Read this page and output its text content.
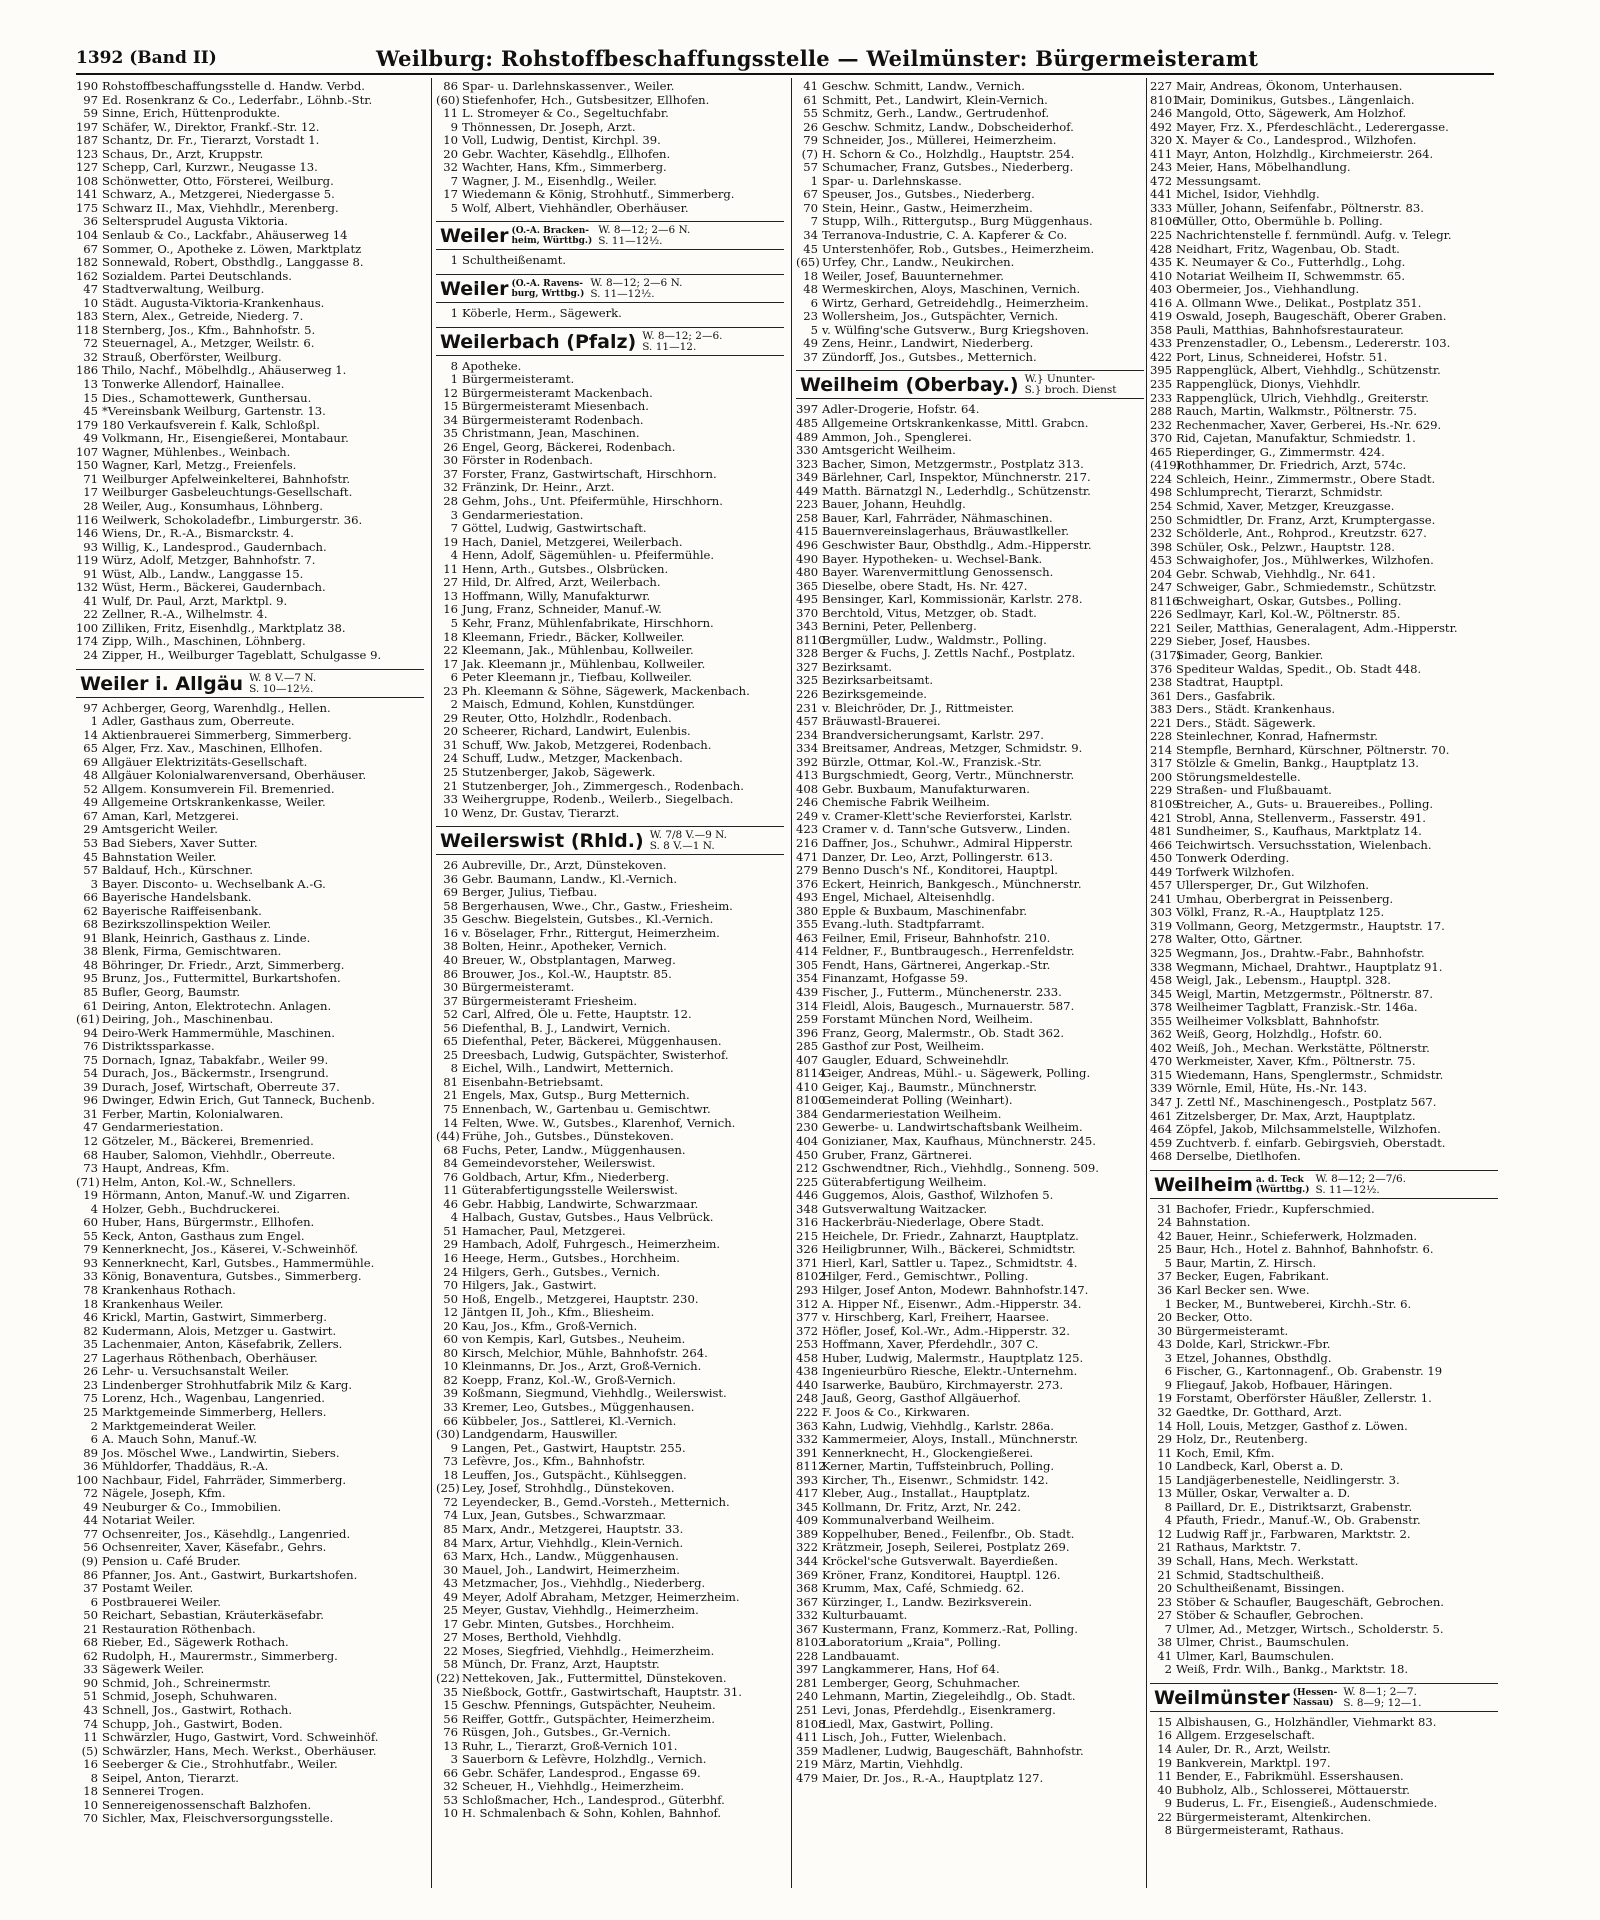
1392 (Band II)	Weilburg: Rohstoffbeschaffungsstelle — Weilmünster: Bürgermeisteramt
190 Rohstoffbeschaffungsstelle d. Handw. Verbd.
97 Ed. Rosenkranz & Co., Lederfabr., Löhnb.-Str.
59 Sinne, Erich, Hüttenprodukte.
197 Schäfer, W., Direktor, Frankf.-Str. 12.
187 Schantz, Dr. Fr., Tierarzt, Vorstadt 1.
123 Schaus, Dr., Arzt, Kruppstr.
127 Schepp, Carl, Kurzwr., Neugasse 13.
108 Schönwetter, Otto, Försterei, Weilburg.
141 Schwarz, A., Metzgerei, Niedergasse 5.
175 Schwarz II., Max, Viehhdlr., Merenberg.
36 Seltersprudel Augusta Viktoria.
104 Senlaub & Co., Lackfabr., Ahäuserweg 14
67 Sommer, O., Apotheke z. Löwen, Marktplatz
182 Sonnewald, Robert, Obsthdlg., Langgasse 8.
162 Sozialdem. Partei Deutschlands.
47 Stadtverwaltung, Weilburg.
10 Städt. Augusta-Viktoria-Krankenhaus.
183 Stern, Alex., Getreide, Niederg. 7.
118 Sternberg, Jos., Kfm., Bahnhofstr. 5.
72 Steuernagel, A., Metzger, Weilstr. 6.
32 Strauß, Oberförster, Weilburg.
186 Thilo, Nachf., Möbelhdlg., Ahäuserweg 1.
13 Tonwerke Allendorf, Hainallee.
15 Dies., Schamottewerk, Gunthersau.
45 *Vereinsbank Weilburg, Gartenstr. 13.
179 180 Verkaufsverein f. Kalk, Schloßpl.
49 Volkmann, Hr., Eisengießerei, Montabaur.
107 Wagner, Mühlenbes., Weinbach.
150 Wagner, Karl, Metzg., Freienfels.
71 Weilburger Apfelweinkelterei, Bahnhofstr.
17 Weilburger Gasbeleuchtungs-Gesellschaft.
28 Weiler, Aug., Konsumhaus, Löhnberg.
116 Weilwerk, Schokoladefbr., Limburgerstr. 36.
146 Wiens, Dr., R.-A., Bismarckstr. 4.
93 Willig, K., Landesprod., Gaudernbach.
119 Würz, Adolf, Metzger, Bahnhofstr. 7.
91 Wüst, Alb., Landw., Langgasse 15.
132 Wüst, Herm., Bäckerei, Gaudernbach.
41 Wulf, Dr. Paul, Arzt, Marktpl. 9.
22 Zellner, R.-A., Wilhelmstr. 4.
100 Zilliken, Fritz, Eisenhdlg., Marktplatz 38.
174 Zipp, Wilh., Maschinen, Löhnberg.
24 Zipper, H., Weilburger Tageblatt, Schulgasse 9.
Weiler i. Allgäu W. 8 V.—7 N.
S. 10—12½.
97 Achberger, Georg, Warenhdlg., Hellen.
1 Adler, Gasthaus zum, Oberreute.
14 Aktienbrauerei Simmerberg, Simmerberg.
65 Alger, Frz. Xav., Maschinen, Ellhofen.
69 Allgäuer Elektrizitäts-Gesellschaft.
48 Allgäuer Kolonialwarenversand, Oberhäuser.
52 Allgem. Konsumverein Fil. Bremenried.
49 Allgemeine Ortskrankenkasse, Weiler.
67 Aman, Karl, Metzgerei.
29 Amtsgericht Weiler.
53 Bad Siebers, Xaver Sutter.
45 Bahnstation Weiler.
57 Baldauf, Hch., Kürschner.
3 Bayer. Disconto- u. Wechselbank A.-G.
66 Bayerische Handelsbank.
62 Bayerische Raiffeisenbank.
68 Bezirkszollinspektion Weiler.
91 Blank, Heinrich, Gasthaus z. Linde.
38 Blenk, Firma, Gemischtwaren.
48 Böhringer, Dr. Friedr., Arzt, Simmerberg.
95 Brunz, Jos., Futtermittel, Burkartshofen.
85 Bufler, Georg, Baumstr.
61 Deiring, Anton, Elektrotechn. Anlagen.
(61) Deiring, Joh., Maschinenbau.
94 Deiro-Werk Hammermühle, Maschinen.
76 Distriktssparkasse.
75 Dornach, Ignaz, Tabakfabr., Weiler 99.
54 Durach, Jos., Bäckermstr., Irsengrund.
39 Durach, Josef, Wirtschaft, Oberreute 37.
96 Dwinger, Edwin Erich, Gut Tanneck, Buchenb.
31 Ferber, Martin, Kolonialwaren.
47 Gendarmeriestation.
12 Götzeler, M., Bäckerei, Bremenried.
68 Hauber, Salomon, Viehhdlr., Oberreute.
73 Haupt, Andreas, Kfm.
(71) Helm, Anton, Kol.-W., Schnellers.
19 Hörmann, Anton, Manuf.-W. und Zigarren.
4 Holzer, Gebh., Buchdruckerei.
60 Huber, Hans, Bürgermstr., Ellhofen.
55 Keck, Anton, Gasthaus zum Engel.
79 Kennerknecht, Jos., Käserei, V.-Schweinhöf.
93 Kennerknecht, Karl, Gutsbes., Hammermühle.
33 König, Bonaventura, Gutsbes., Simmerberg.
78 Krankenhaus Rothach.
18 Krankenhaus Weiler.
46 Krickl, Martin, Gastwirt, Simmerberg.
82 Kudermann, Alois, Metzger u. Gastwirt.
35 Lachenmaier, Anton, Käsefabrik, Zellers.
27 Lagerhaus Röthenbach, Oberhäuser.
26 Lehr- u. Versuchsanstalt Weiler.
23 Lindenberger Strohhutfabrik Milz & Karg.
75 Lorenz, Hch., Wagenbau, Langenried.
25 Marktgemeinde Simmerberg, Hellers.
2 Marktgemeinderat Weiler.
6 A. Mauch Sohn, Manuf.-W.
89 Jos. Möschel Wwe., Landwirtin, Siebers.
36 Mühldorfer, Thaddäus, R.-A.
100 Nachbaur, Fidel, Fahrräder, Simmerberg.
72 Nägele, Joseph, Kfm.
49 Neuburger & Co., Immobilien.
44 Notariat Weiler.
77 Ochsenreiter, Jos., Käsehdlg., Langenried.
56 Ochsenreiter, Xaver, Käsefabr., Gehrs.
(9) Pension u. Café Bruder.
86 Pfanner, Jos. Ant., Gastwirt, Burkartshofen.
37 Postamt Weiler.
6 Postbrauerei Weiler.
50 Reichart, Sebastian, Kräuterkäsefabr.
21 Restauration Röthenbach.
68 Rieber, Ed., Sägewerk Rothach.
62 Rudolph, H., Maurermstr., Simmerberg.
33 Sägewerk Weiler.
90 Schmid, Joh., Schreinermstr.
51 Schmid, Joseph, Schuhwaren.
43 Schnell, Jos., Gastwirt, Rothach.
74 Schupp, Joh., Gastwirt, Boden.
11 Schwärzler, Hugo, Gastwirt, Vord. Schweinhöf.
(5) Schwärzler, Hans, Mech. Werkst., Oberhäuser.
16 Seeberger & Cie., Strohhutfabr., Weiler.
8 Seipel, Anton, Tierarzt.
18 Sennerei Trogen.
10 Sennereigenossenschaft Balzhofen.
70 Sichler, Max, Fleischversorgungsstelle.
86 Spar- u. Darlehnskassenver., Weiler.
(60) Stiefenhofer, Hch., Gutsbesitzer, Ellhofen.
11 L. Stromeyer & Co., Segeltuchfabr.
9 Thönnessen, Dr. Joseph, Arzt.
10 Voll, Ludwig, Dentist, Kirchpl. 39.
20 Gebr. Wachter, Käsehdlg., Ellhofen.
32 Wachter, Hans, Kfm., Simmerberg.
7 Wagner, J. M., Eisenhdlg., Weiler.
17 Wiedemann & König, Strohhutf., Simmerberg.
5 Wolf, Albert, Viehhändler, Oberhäuser.
Weiler (O.-A. Bracken-
heim, Württbg.)W. 8—12; 2—6 N.
S. 11—12½.
1 Schultheißenamt.
Weiler (O.-A. Ravens-
burg, Wrttbg.)W. 8—12; 2—6 N.
S. 11—12½.
1 Köberle, Herm., Sägewerk.
Weilerbach (Pfalz) W. 8—12; 2—6.
S. 11—12.
8 Apotheke.
1 Bürgermeisteramt.
12 Bürgermeisteramt Mackenbach.
15 Bürgermeisteramt Miesenbach.
34 Bürgermeisteramt Rodenbach.
35 Christmann, Jean, Maschinen.
26 Engel, Georg, Bäckerei, Rodenbach.
30 Förster in Rodenbach.
37 Forster, Franz, Gastwirtschaft, Hirschhorn.
32 Fränzink, Dr. Heinr., Arzt.
28 Gehm, Johs., Unt. Pfeifermühle, Hirschhorn.
3 Gendarmeriestation.
7 Göttel, Ludwig, Gastwirtschaft.
19 Hach, Daniel, Metzgerei, Weilerbach.
4 Henn, Adolf, Sägemühlen- u. Pfeifermühle.
11 Henn, Arth., Gutsbes., Olsbrücken.
27 Hild, Dr. Alfred, Arzt, Weilerbach.
13 Hoffmann, Willy, Manufakturwr.
16 Jung, Franz, Schneider, Manuf.-W.
5 Kehr, Franz, Mühlenfabrikate, Hirschhorn.
18 Kleemann, Friedr., Bäcker, Kollweiler.
22 Kleemann, Jak., Mühlenbau, Kollweiler.
17 Jak. Kleemann jr., Mühlenbau, Kollweiler.
6 Peter Kleemann jr., Tiefbau, Kollweiler.
23 Ph. Kleemann & Söhne, Sägewerk, Mackenbach.
2 Maisch, Edmund, Kohlen, Kunstdünger.
29 Reuter, Otto, Holzhdlr., Rodenbach.
20 Scheerer, Richard, Landwirt, Eulenbis.
31 Schuff, Ww. Jakob, Metzgerei, Rodenbach.
24 Schuff, Ludw., Metzger, Mackenbach.
25 Stutzenberger, Jakob, Sägewerk.
21 Stutzenberger, Joh., Zimmergesch., Rodenbach.
33 Weihergruppe, Rodenb., Weilerb., Siegelbach.
10 Wenz, Dr. Gustav, Tierarzt.
Weilerswist (Rhld.) W. 7/8 V.—9 N.
S. 8 V.—1 N.
26 Aubreville, Dr., Arzt, Dünstekoven.
36 Gebr. Baumann, Landw., Kl.-Vernich.
69 Berger, Julius, Tiefbau.
58 Bergerhausen, Wwe., Chr., Gastw., Friesheim.
35 Geschw. Biegelstein, Gutsbes., Kl.-Vernich.
16 v. Böselager, Frhr., Rittergut, Heimerzheim.
38 Bolten, Heinr., Apotheker, Vernich.
40 Breuer, W., Obstplantagen, Marweg.
86 Brouwer, Jos., Kol.-W., Hauptstr. 85.
30 Bürgermeisteramt.
37 Bürgermeisteramt Friesheim.
52 Carl, Alfred, Öle u. Fette, Hauptstr. 12.
56 Diefenthal, B. J., Landwirt, Vernich.
65 Diefenthal, Peter, Bäckerei, Müggenhausen.
25 Dreesbach, Ludwig, Gutspächter, Swisterhof.
8 Eichel, Wilh., Landwirt, Metternich.
81 Eisenbahn-Betriebsamt.
21 Engels, Max, Gutsp., Burg Metternich.
75 Ennenbach, W., Gartenbau u. Gemischtwr.
14 Felten, Wwe. W., Gutsbes., Klarenhof, Vernich.
(44) Frühe, Joh., Gutsbes., Dünstekoven.
68 Fuchs, Peter, Landw., Müggenhausen.
84 Gemeindevorsteher, Weilerswist.
76 Goldbach, Artur, Kfm., Niederberg.
11 Güterabfertigungsstelle Weilerswist.
46 Gebr. Habbig, Landwirte, Schwarzmaar.
4 Halbach, Gustav, Gutsbes., Haus Velbrück.
51 Hamacher, Paul, Metzgerei.
29 Hambach, Adolf, Fuhrgesch., Heimerzheim.
16 Heege, Herm., Gutsbes., Horchheim.
24 Hilgers, Gerh., Gutsbes., Vernich.
70 Hilgers, Jak., Gastwirt.
50 Hoß, Engelb., Metzgerei, Hauptstr. 230.
12 Jäntgen II, Joh., Kfm., Bliesheim.
20 Kau, Jos., Kfm., Groß-Vernich.
60 von Kempis, Karl, Gutsbes., Neuheim.
80 Kirsch, Melchior, Mühle, Bahnhofstr. 264.
10 Kleinmanns, Dr. Jos., Arzt, Groß-Vernich.
82 Koepp, Franz, Kol.-W., Groß-Vernich.
39 Koßmann, Siegmund, Viehhdlg., Weilerswist.
33 Kremer, Leo, Gutsbes., Müggenhausen.
66 Kübbeler, Jos., Sattlerei, Kl.-Vernich.
(30) Landgendarm, Hauswiller.
9 Langen, Pet., Gastwirt, Hauptstr. 255.
73 Lefèvre, Jos., Kfm., Bahnhofstr.
18 Leuffen, Jos., Gutspächt., Kühlseggen.
(25) Ley, Josef, Strohhdlg., Dünstekoven.
72 Leyendecker, B., Gemd.-Vorsteh., Metternich.
74 Lux, Jean, Gutsbes., Schwarzmaar.
85 Marx, Andr., Metzgerei, Hauptstr. 33.
84 Marx, Artur, Viehhdlg., Klein-Vernich.
63 Marx, Hch., Landw., Müggenhausen.
30 Mauel, Joh., Landwirt, Heimerzheim.
43 Metzmacher, Jos., Viehhdlg., Niederberg.
49 Meyer, Adolf Abraham, Metzger, Heimerzheim.
25 Meyer, Gustav, Viehhdlg., Heimerzheim.
17 Gebr. Minten, Gutsbes., Horchheim.
27 Moses, Berthold, Viehhdlg.
22 Moses, Siegfried, Viehhdlg., Heimerzheim.
58 Münch, Dr. Franz, Arzt, Hauptstr.
(22) Nettekoven, Jak., Futtermittel, Dünstekoven.
35 Nießbock, Gottfr., Gastwirtschaft, Hauptstr. 31.
15 Geschw. Pfennings, Gutspächter, Neuheim.
56 Reiffer, Gottfr., Gutspächter, Heimerzheim.
76 Rüsgen, Joh., Gutsbes., Gr.-Vernich.
13 Ruhr, L., Tierarzt, Groß-Vernich 101.
3 Sauerborn & Lefèvre, Holzhdlg., Vernich.
66 Gebr. Schäfer, Landesprod., Engasse 69.
32 Scheuer, H., Viehhdlg., Heimerzheim.
53 Schloßmacher, Hch., Landesprod., Güterbhf.
10 H. Schmalenbach & Sohn, Kohlen, Bahnhof.
41 Geschw. Schmitt, Landw., Vernich.
61 Schmitt, Pet., Landwirt, Klein-Vernich.
55 Schmitz, Gerh., Landw., Gertrudenhof.
26 Geschw. Schmitz, Landw., Dobscheiderhof.
79 Schneider, Jos., Müllerei, Heimerzheim.
(7) H. Schorn & Co., Holzhdlg., Hauptstr. 254.
57 Schumacher, Franz, Gutsbes., Niederberg.
1 Spar- u. Darlehnskasse.
67 Speuser, Jos., Gutsbes., Niederberg.
70 Stein, Heinr., Gastw., Heimerzheim.
7 Stupp, Wilh., Rittergutsp., Burg Müggenhaus.
34 Terranova-Industrie, C. A. Kapferer & Co.
45 Unterstenhöfer, Rob., Gutsbes., Heimerzheim.
(65) Urfey, Chr., Landw., Neukirchen.
18 Weiler, Josef, Bauunternehmer.
48 Wermeskirchen, Aloys, Maschinen, Vernich.
6 Wirtz, Gerhard, Getreidehdlg., Heimerzheim.
23 Wollersheim, Jos., Gutspächter, Vernich.
5 v. Wülfing'sche Gutsverw., Burg Kriegshoven.
49 Zens, Heinr., Landwirt, Niederberg.
37 Zündorff, Jos., Gutsbes., Metternich.
Weilheim (Oberbay.) W.} Ununter-
S.} broch. Dienst
397 Adler-Drogerie, Hofstr. 64.
485 Allgemeine Ortskrankenkasse, Mittl. Grabcn.
489 Ammon, Joh., Spenglerei.
330 Amtsgericht Weilheim.
323 Bacher, Simon, Metzgermstr., Postplatz 313.
349 Bärlehner, Carl, Inspektor, Münchnerstr. 217.
449 Matth. Bärnatzgl N., Lederhdlg., Schützenstr.
223 Bauer, Johann, Heuhdlg.
258 Bauer, Karl, Fahrräder, Nähmaschinen.
415 Bauernvereinslagerhaus, Bräuwastlkeller.
496 Geschwister Baur, Obsthdlg., Adm.-Hipperstr.
490 Bayer. Hypotheken- u. Wechsel-Bank.
480 Bayer. Warenvermittlung Genossensch.
365 Dieselbe, obere Stadt, Hs. Nr. 427.
495 Bensinger, Karl, Kommissionär, Karlstr. 278.
370 Berchtold, Vitus, Metzger, ob. Stadt.
343 Bernini, Peter, Pellenberg.
8110Bergmüller, Ludw., Waldmstr., Polling.
328 Berger & Fuchs, J. Zettls Nachf., Postplatz.
327 Bezirksamt.
325 Bezirksarbeitsamt.
226 Bezirksgemeinde.
231 v. Bleichröder, Dr. J., Rittmeister.
457 Bräuwastl-Brauerei.
234 Brandversicherungsamt, Karlstr. 297.
334 Breitsamer, Andreas, Metzger, Schmidstr. 9.
392 Bürzle, Ottmar, Kol.-W., Franzisk.-Str.
413 Burgschmiedt, Georg, Vertr., Münchnerstr.
408 Gebr. Buxbaum, Manufakturwaren.
246 Chemische Fabrik Weilheim.
249 v. Cramer-Klett'sche Revierforstei, Karlstr.
423 Cramer v. d. Tann'sche Gutsverw., Linden.
216 Daffner, Jos., Schuhwr., Admiral Hipperstr.
471 Danzer, Dr. Leo, Arzt, Pollingerstr. 613.
279 Benno Dusch's Nf., Konditorei, Hauptpl.
376 Eckert, Heinrich, Bankgesch., Münchnerstr.
493 Engel, Michael, Alteisenhdlg.
380 Epple & Buxbaum, Maschinenfabr.
355 Evang.-luth. Stadtpfarramt.
463 Feilner, Emil, Friseur, Bahnhofstr. 210.
414 Feldner, F., Buntbraugesch., Herrenfeldstr.
305 Fendt, Hans, Gärtnerei, Angerkap.-Str.
354 Finanzamt, Hofgasse 59.
439 Fischer, J., Futterm., Münchenerstr. 233.
314 Fleidl, Alois, Baugesch., Murnauerstr. 587.
259 Forstamt München Nord, Weilheim.
396 Franz, Georg, Malermstr., Ob. Stadt 362.
285 Gasthof zur Post, Weilheim.
407 Gaugler, Eduard, Schweinehdlr.
8114Geiger, Andreas, Mühl.- u. Sägewerk, Polling.
410 Geiger, Kaj., Baumstr., Münchnerstr.
8100Gemeinderat Polling (Weinhart).
384 Gendarmeriestation Weilheim.
230 Gewerbe- u. Landwirtschaftsbank Weilheim.
404 Gonizianer, Max, Kaufhaus, Münchnerstr. 245.
450 Gruber, Franz, Gärtnerei.
212 Gschwendtner, Rich., Viehhdlg., Sonneng. 509.
225 Güterabfertigung Weilheim.
446 Guggemos, Alois, Gasthof, Wilzhofen 5.
348 Gutsverwaltung Waitzacker.
316 Hackerbräu-Niederlage, Obere Stadt.
215 Heichele, Dr. Friedr., Zahnarzt, Hauptplatz.
326 Heiligbrunner, Wilh., Bäckerei, Schmidtstr.
371 Hierl, Karl, Sattler u. Tapez., Schmidtstr. 4.
8102Hilger, Ferd., Gemischtwr., Polling.
293 Hilger, Josef Anton, Modewr. Bahnhofstr.147.
312 A. Hipper Nf., Eisenwr., Adm.-Hipperstr. 34.
377 v. Hirschberg, Karl, Freiherr, Haarsee.
372 Höfler, Josef, Kol.-Wr., Adm.-Hipperstr. 32.
253 Hoffmann, Xaver, Pferdehdlr., 307 C.
458 Huber, Ludwig, Malermstr., Hauptplatz 125.
438 Ingenieurbüro Riesche, Elektr.-Unternehm.
440 Isarwerke, Baubüro, Kirchmayerstr. 273.
248 Jauß, Georg, Gasthof Allgäuerhof.
222 F. Joos & Co., Kirkwaren.
363 Kahn, Ludwig, Viehhdlg., Karlstr. 286a.
332 Kammermeier, Aloys, Install., Münchnerstr.
391 Kennerknecht, H., Glockengießerei.
8112Kerner, Martin, Tuffsteinbruch, Polling.
393 Kircher, Th., Eisenwr., Schmidstr. 142.
417 Kleber, Aug., Installat., Hauptplatz.
345 Kollmann, Dr. Fritz, Arzt, Nr. 242.
409 Kommunalverband Weilheim.
389 Koppelhuber, Bened., Feilenfbr., Ob. Stadt.
322 Krätzmeir, Joseph, Seilerei, Postplatz 269.
344 Kröckel'sche Gutsverwalt. Bayerdießen.
369 Kröner, Franz, Konditorei, Hauptpl. 126.
368 Krumm, Max, Café, Schmiedg. 62.
367 Kürzinger, I., Landw. Bezirksverein.
332 Kulturbauamt.
367 Kustermann, Franz, Kommerz.-Rat, Polling.
8103Laboratorium „Kraia", Polling.
228 Landbauamt.
397 Langkammerer, Hans, Hof 64.
281 Lemberger, Georg, Schuhmacher.
240 Lehmann, Martin, Ziegeleihdlg., Ob. Stadt.
251 Levi, Jonas, Pferdehdlg., Eisenkramerg.
8108Liedl, Max, Gastwirt, Polling.
411 Lisch, Joh., Futter, Wielenbach.
359 Madlener, Ludwig, Baugeschäft, Bahnhofstr.
219 März, Martin, Viehhdlg.
479 Maier, Dr. Jos., R.-A., Hauptplatz 127.
227 Mair, Andreas, Ökonom, Unterhausen.
8101Mair, Dominikus, Gutsbes., Längenlaich.
246 Mangold, Otto, Sägewerk, Am Holzhof.
492 Mayer, Frz. X., Pferdeschlächt., Lederergasse.
320 X. Mayer & Co., Landesprod., Wilzhofen.
411 Mayr, Anton, Holzhdlg., Kirchmeierstr. 264.
243 Meier, Hans, Möbelhandlung.
472 Messungsamt.
441 Michel, Isidor, Viehhdlg.
333 Müller, Johann, Seifenfabr., Pöltnerstr. 83.
8106Müller, Otto, Obermühle b. Polling.
225 Nachrichtenstelle f. fernmündl. Aufg. v. Telegr.
428 Neidhart, Fritz, Wagenbau, Ob. Stadt.
435 K. Neumayer & Co., Futterhdlg., Lohg.
410 Notariat Weilheim II, Schwemmstr. 65.
403 Obermeier, Jos., Viehhandlung.
416 A. Ollmann Wwe., Delikat., Postplatz 351.
419 Oswald, Joseph, Baugeschäft, Oberer Graben.
358 Pauli, Matthias, Bahnhofsrestaurateur.
433 Prenzenstadler, O., Lebensm., Ledererstr. 103.
422 Port, Linus, Schneiderei, Hofstr. 51.
395 Rappenglück, Albert, Viehhdlg., Schützenstr.
235 Rappenglück, Dionys, Viehhdlr.
233 Rappenglück, Ulrich, Viehhdlg., Greiterstr.
288 Rauch, Martin, Walkmstr., Pöltnerstr. 75.
232 Rechenmacher, Xaver, Gerberei, Hs.-Nr. 629.
370 Rid, Cajetan, Manufaktur, Schmiedstr. 1.
465 Rieperdinger, G., Zimmermstr. 424.
(419)Rothhammer, Dr. Friedrich, Arzt, 574c.
224 Schleich, Heinr., Zimmermstr., Obere Stadt.
498 Schlumprecht, Tierarzt, Schmidstr.
254 Schmid, Xaver, Metzger, Kreuzgasse.
250 Schmidtler, Dr. Franz, Arzt, Krumptergasse.
232 Schölderle, Ant., Rohprod., Kreutzstr. 627.
398 Schüler, Osk., Pelzwr., Hauptstr. 128.
453 Schwaighofer, Jos., Mühlwerkes, Wilzhofen.
204 Gebr. Schwab, Viehhdlg., Nr. 641.
247 Schweiger, Gabr., Schmiedemstr., Schützstr.
8116Schweighart, Oskar, Gutsbes., Polling.
226 Sedlmayr, Karl, Kol.-W., Pöltnerstr. 85.
221 Seiler, Matthias, Generalagent, Adm.-Hipperstr.
229 Sieber, Josef, Hausbes.
(317)Simader, Georg, Bankier.
376 Spediteur Waldas, Spedit., Ob. Stadt 448.
238 Stadtrat, Hauptpl.
361 Ders., Gasfabrik.
383 Ders., Städt. Krankenhaus.
221 Ders., Städt. Sägewerk.
228 Steinlechner, Konrad, Hafnermstr.
214 Stempfle, Bernhard, Kürschner, Pöltnerstr. 70.
317 Stölzle & Gmelin, Bankg., Hauptplatz 13.
200 Störungsmeldestelle.
229 Straßen- und Flußbauamt.
8109Streicher, A., Guts- u. Brauereibes., Polling.
421 Strobl, Anna, Stellenverm., Fasserstr. 491.
481 Sundheimer, S., Kaufhaus, Marktplatz 14.
466 Teichwirtsch. Versuchsstation, Wielenbach.
450 Tonwerk Oderding.
449 Torfwerk Wilzhofen.
457 Ullersperger, Dr., Gut Wilzhofen.
241 Umhau, Oberbergrat in Peissenberg.
303 Völkl, Franz, R.-A., Hauptplatz 125.
319 Vollmann, Georg, Metzgermstr., Hauptstr. 17.
278 Walter, Otto, Gärtner.
325 Wegmann, Jos., Drahtw.-Fabr., Bahnhofstr.
338 Wegmann, Michael, Drahtwr., Hauptplatz 91.
458 Weigl, Jak., Lebensm., Hauptpl. 328.
345 Weigl, Martin, Metzgermstr., Pöltnerstr. 87.
378 Weilheimer Tagblatt, Franzisk.-Str. 146a.
355 Weilheimer Volksblatt, Bahnhofstr.
362 Weiß, Georg, Holzhdlg., Hofstr. 60.
402 Weiß, Joh., Mechan. Werkstätte, Pöltnerstr.
470 Werkmeister, Xaver, Kfm., Pöltnerstr. 75.
315 Wiedemann, Hans, Spenglermstr., Schmidstr.
339 Wörnle, Emil, Hüte, Hs.-Nr. 143.
347 J. Zettl Nf., Maschinengesch., Postplatz 567.
461 Zitzelsberger, Dr. Max, Arzt, Hauptplatz.
464 Zöpfel, Jakob, Milchsammelstelle, Wilzhofen.
459 Zuchtverb. f. einfarb. Gebirgsvieh, Oberstadt.
468 Derselbe, Dietlhofen.
Weilheim a. d. Teck
(Württbg.)W. 8—12; 2—7/6.
S. 11—12½.
31 Bachofer, Friedr., Kupferschmied.
24 Bahnstation.
42 Bauer, Heinr., Schieferwerk, Holzmaden.
25 Baur, Hch., Hotel z. Bahnhof, Bahnhofstr. 6.
5 Baur, Martin, Z. Hirsch.
37 Becker, Eugen, Fabrikant.
36 Karl Becker sen. Wwe.
1 Becker, M., Buntweberei, Kirchh.-Str. 6.
20 Becker, Otto.
30 Bürgermeisteramt.
43 Dolde, Karl, Strickwr.-Fbr.
3 Etzel, Johannes, Obsthdlg.
6 Fischer, G., Kartonnagenf., Ob. Grabenstr. 19
9 Fliegauf, Jakob, Hofbauer, Häringen.
19 Forstamt, Oberförster Häußler, Zellerstr. 1.
32 Gaedtke, Dr. Gotthard, Arzt.
14 Holl, Louis, Metzger, Gasthof z. Löwen.
29 Holz, Dr., Reutenberg.
11 Koch, Emil, Kfm.
10 Landbeck, Karl, Oberst a. D.
15 Landjägerbenestelle, Neidlingerstr. 3.
13 Müller, Oskar, Verwalter a. D.
8 Paillard, Dr. E., Distriktsarzt, Grabenstr.
4 Pfauth, Friedr., Manuf.-W., Ob. Grabenstr.
12 Ludwig Raff jr., Farbwaren, Marktstr. 2.
21 Rathaus, Marktstr. 7.
39 Schall, Hans, Mech. Werkstatt.
21 Schmid, Stadtschultheiß.
20 Schultheißenamt, Bissingen.
23 Stöber & Schaufler, Baugeschäft, Gebrochen.
27 Stöber & Schaufler, Gebrochen.
7 Ulmer, Ad., Metzger, Wirtsch., Scholderstr. 5.
38 Ulmer, Christ., Baumschulen.
41 Ulmer, Karl, Baumschulen.
2 Weiß, Frdr. Wilh., Bankg., Marktstr. 18.
Weilmünster (Hessen-
Nassau)W. 8—1; 2—7.
S. 8—9; 12—1.
15 Albishausen, G., Holzhändler, Viehmarkt 83.
16 Allgem. Erzgeselschaft.
14 Auler, Dr. R., Arzt, Weilstr.
19 Bankverein, Marktpl. 197.
11 Bender, E., Fabrikmühl. Essershausen.
40 Bubholz, Alb., Schlosserei, Möttauerstr.
9 Buderus, L. Fr., Eisengieß., Audenschmiede.
22 Bürgermeisteramt, Altenkirchen.
8 Bürgermeisteramt, Rathaus.
